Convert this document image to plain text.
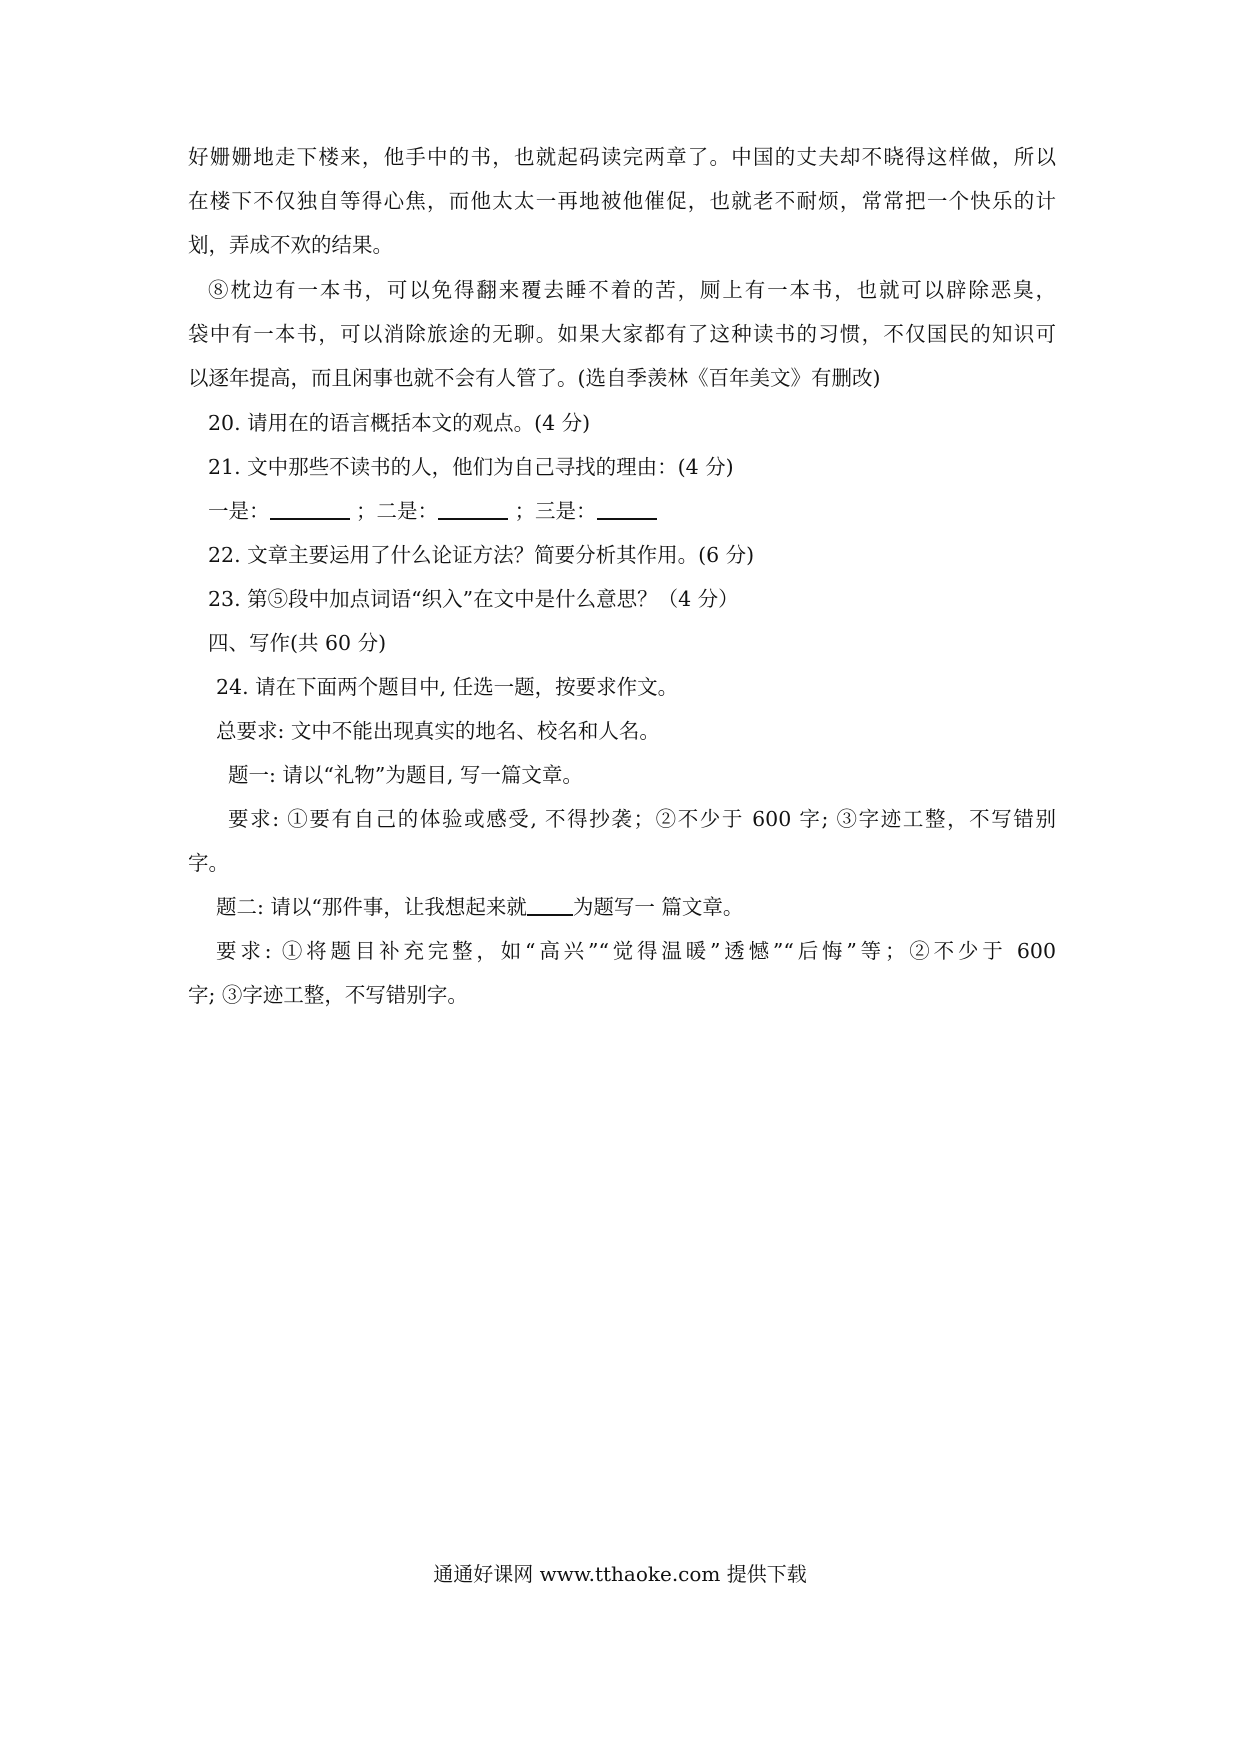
好姗姗地走下楼来，他手中的书，也就起码读完两章了。中国的丈夫却不晓得这样做，所以
在楼下不仅独自等得心焦，而他太太一再地被他催促，也就老不耐烦，常常把一个快乐的计
划，弄成不欢的结果。
⑧枕边有一本书，可以免得翻来覆去睡不着的苦，厕上有一本书，也就可以辟除恶臭，
袋中有一本书，可以消除旅途的无聊。如果大家都有了这种读书的习惯，不仅国民的知识可
以逐年提高，而且闲事也就不会有人管了。(选自季羡林《百年美文》有删改)
20. 请用在的语言概括本文的观点。(4 分)
21. 文中那些不读书的人，他们为自己寻找的理由：(4 分)
一是：	；二是：	；三是：
22. 文章主要运用了什么论证方法？简要分析其作用。(6 分)
23. 第⑤段中加点词语“织入”在文中是什么意思？（4 分）
四、写作(共 60 分)
24. 请在下面两个题目中, 任选一题，按要求作文。
总要求: 文中不能出现真实的地名、校名和人名。
题一: 请以“礼物”为题目, 写一篇文章。
要求: ①要有自己的体验或感受, 不得抄袭；②不少于 600 字; ③字迹工整，不写错别
字。
题二: 请以“那件事，让我想起来就 为题写一 篇文章。
要求: ①将题目补充完整，如“高兴”“觉得温暖”透憾”“后悔”等；②不少于 600
字; ③字迹工整，不写错别字。
通通好课网 www.tthaoke.com 提供下载
